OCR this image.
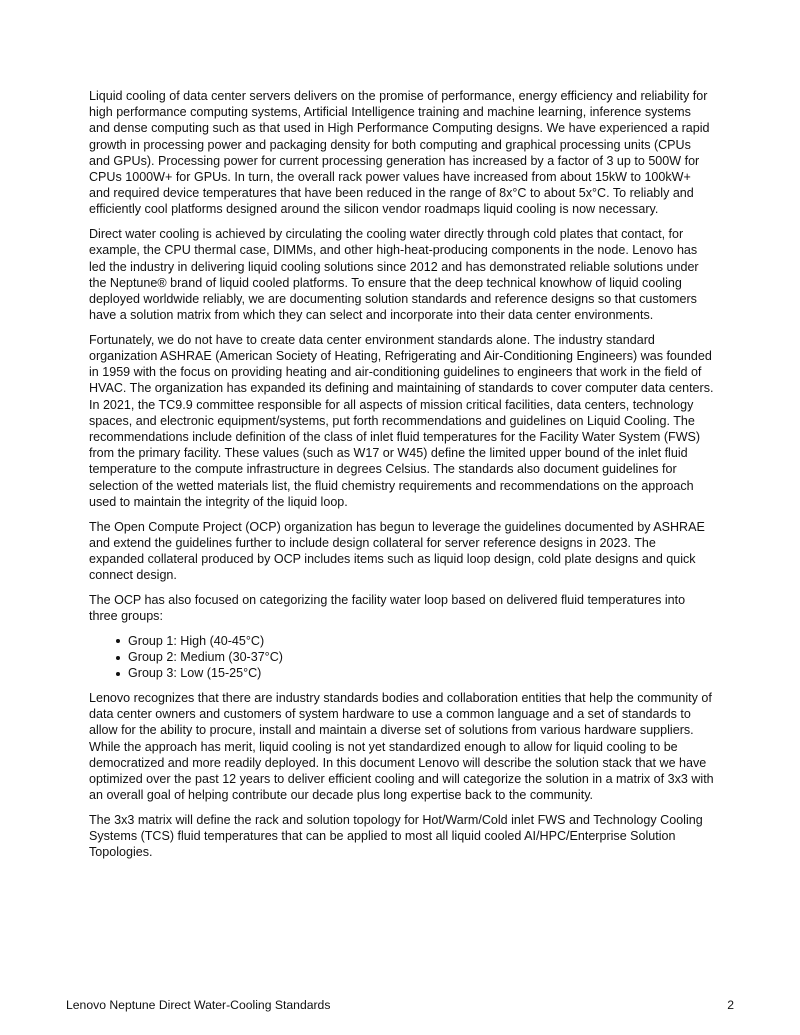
Liquid cooling of data center servers delivers on the promise of performance, energy efficiency and reliability for high performance computing systems, Artificial Intelligence training and machine learning, inference systems and dense computing such as that used in High Performance Computing designs. We have experienced a rapid growth in processing power and packaging density for both computing and graphical processing units (CPUs and GPUs). Processing power for current processing generation has increased by a factor of 3 up to 500W for CPUs 1000W+ for GPUs. In turn, the overall rack power values have increased from about 15kW to 100kW+ and required device temperatures that have been reduced in the range of 8x°C to about 5x°C. To reliably and efficiently cool platforms designed around the silicon vendor roadmaps liquid cooling is now necessary.

Direct water cooling is achieved by circulating the cooling water directly through cold plates that contact, for example, the CPU thermal case, DIMMs, and other high-heat-producing components in the node. Lenovo has led the industry in delivering liquid cooling solutions since 2012 and has demonstrated reliable solutions under the Neptune® brand of liquid cooled platforms. To ensure that the deep technical knowhow of liquid cooling deployed worldwide reliably, we are documenting solution standards and reference designs so that customers have a solution matrix from which they can select and incorporate into their data center environments.

Fortunately, we do not have to create data center environment standards alone. The industry standard organization ASHRAE (American Society of Heating, Refrigerating and Air-Conditioning Engineers) was founded in 1959 with the focus on providing heating and air-conditioning guidelines to engineers that work in the field of HVAC. The organization has expanded its defining and maintaining of standards to cover computer data centers. In 2021, the TC9.9 committee responsible for all aspects of mission critical facilities, data centers, technology spaces, and electronic equipment/systems, put forth recommendations and guidelines on Liquid Cooling. The recommendations include definition of the class of inlet fluid temperatures for the Facility Water System (FWS) from the primary facility. These values (such as W17 or W45) define the limited upper bound of the inlet fluid temperature to the compute infrastructure in degrees Celsius. The standards also document guidelines for selection of the wetted materials list, the fluid chemistry requirements and recommendations on the approach used to maintain the integrity of the liquid loop.

The Open Compute Project (OCP) organization has begun to leverage the guidelines documented by ASHRAE and extend the guidelines further to include design collateral for server reference designs in 2023. The expanded collateral produced by OCP includes items such as liquid loop design, cold plate designs and quick connect design.

The OCP has also focused on categorizing the facility water loop based on delivered fluid temperatures into three groups:

Group 1: High (40-45°C)
Group 2: Medium (30-37°C)
Group 3: Low (15-25°C)

Lenovo recognizes that there are industry standards bodies and collaboration entities that help the community of data center owners and customers of system hardware to use a common language and a set of standards to allow for the ability to procure, install and maintain a diverse set of solutions from various hardware suppliers. While the approach has merit, liquid cooling is not yet standardized enough to allow for liquid cooling to be democratized and more readily deployed. In this document Lenovo will describe the solution stack that we have optimized over the past 12 years to deliver efficient cooling and will categorize the solution in a matrix of 3x3 with an overall goal of helping contribute our decade plus long expertise back to the community.

The 3x3 matrix will define the rack and solution topology for Hot/Warm/Cold inlet FWS and Technology Cooling Systems (TCS) fluid temperatures that can be applied to most all liquid cooled AI/HPC/Enterprise Solution Topologies.

Lenovo Neptune Direct Water-Cooling Standards	2
